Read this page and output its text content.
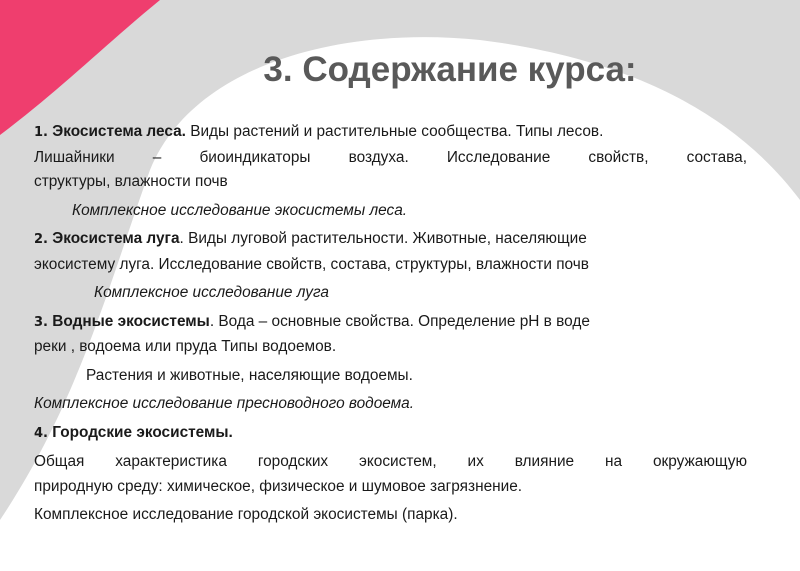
3. Содержание курса:
1. Экосистема леса. Виды растений и растительные сообщества. Типы лесов.
Лишайники – биоиндикаторы воздуха. Исследование свойств, состава,
структуры, влажности почв
Комплексное исследование экосистемы леса.
2. Экосистема луга. Виды луговой растительности. Животные, населяющие
экосистему луга. Исследование свойств, состава, структуры, влажности почв
Комплексное исследование луга
3. Водные экосистемы. Вода – основные свойства. Определение рН в воде
реки , водоема или пруда Типы водоемов.
Растения и животные, населяющие водоемы.
Комплексное исследование пресноводного водоема.
4. Городские экосистемы.
Общая характеристика городских экосистем, их влияние на окружающую
природную среду: химическое, физическое и шумовое загрязнение.
Комплексное исследование городской экосистемы (парка).
